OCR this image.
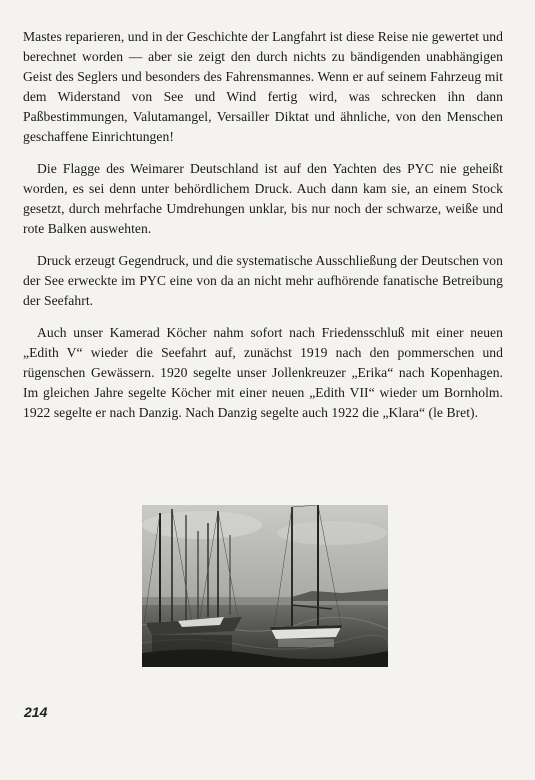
Mastes reparieren, und in der Geschichte der Langfahrt ist diese Reise nie gewertet und berechnet worden — aber sie zeigt den durch nichts zu bändigenden unabhängigen Geist des Seglers und besonders des Fahrensmannes. Wenn er auf seinem Fahrzeug mit dem Widerstand von See und Wind fertig wird, was schrecken ihn dann Paßbestimmungen, Valutamangel, Versailler Diktat und ähnliche, von den Menschen geschaffene Einrichtungen!

Die Flagge des Weimarer Deutschland ist auf den Yachten des PYC nie geheißt worden, es sei denn unter behördlichem Druck. Auch dann kam sie, an einem Stock gesetzt, durch mehrfache Umdrehungen unklar, bis nur noch der schwarze, weiße und rote Balken auswehten.

Druck erzeugt Gegendruck, und die systematische Ausschließung der Deutschen von der See erweckte im PYC eine von da an nicht mehr aufhörende fanatische Betreibung der Seefahrt.

Auch unser Kamerad Köcher nahm sofort nach Friedensschluß mit einer neuen „Edith V“ wieder die Seefahrt auf, zunächst 1919 nach den pommerschen und rügenschen Gewässern. 1920 segelte unser Jollenkreuzer „Erika“ nach Kopenhagen. Im gleichen Jahre segelte Köcher mit einer neuen „Edith VII“ wieder um Bornholm. 1922 segelte er nach Danzig. Nach Danzig segelte auch 1922 die „Klara“ (le Bret).

214
